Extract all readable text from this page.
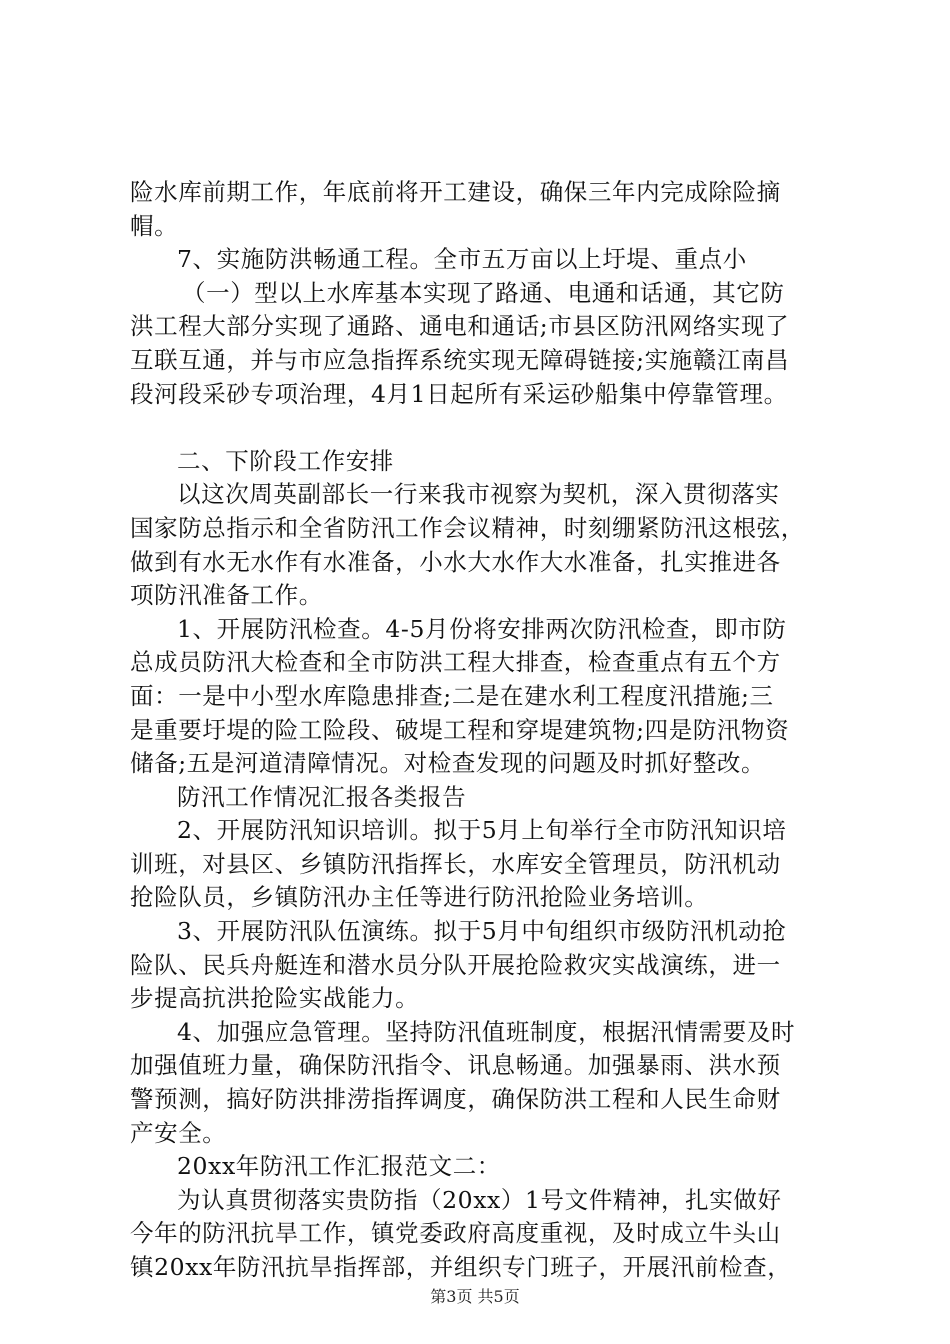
险水库前期工作，年底前将开工建设，确保三年内完成除险摘
帽。
7、实施防洪畅通工程。全市五万亩以上圩堤、重点小
（一）型以上水库基本实现了路通、电通和话通，其它防
洪工程大部分实现了通路、通电和通话;市县区防汛网络实现了
互联互通，并与市应急指挥系统实现无障碍链接;实施赣江南昌
段河段采砂专项治理，4月1日起所有采运砂船集中停靠管理。
二、下阶段工作安排
以这次周英副部长一行来我市视察为契机，深入贯彻落实
国家防总指示和全省防汛工作会议精神，时刻绷紧防汛这根弦，
做到有水无水作有水准备，小水大水作大水准备，扎实推进各
项防汛准备工作。
1、开展防汛检查。4-5月份将安排两次防汛检查，即市防
总成员防汛大检查和全市防洪工程大排查，检查重点有五个方
面：一是中小型水库隐患排查;二是在建水利工程度汛措施;三
是重要圩堤的险工险段、破堤工程和穿堤建筑物;四是防汛物资
储备;五是河道清障情况。对检查发现的问题及时抓好整改。
防汛工作情况汇报各类报告
2、开展防汛知识培训。拟于5月上旬举行全市防汛知识培
训班，对县区、乡镇防汛指挥长，水库安全管理员，防汛机动
抢险队员，乡镇防汛办主任等进行防汛抢险业务培训。
3、开展防汛队伍演练。拟于5月中旬组织市级防汛机动抢
险队、民兵舟艇连和潜水员分队开展抢险救灾实战演练，进一
步提高抗洪抢险实战能力。
4、加强应急管理。坚持防汛值班制度，根据汛情需要及时
加强值班力量，确保防汛指令、讯息畅通。加强暴雨、洪水预
警预测，搞好防洪排涝指挥调度，确保防洪工程和人民生命财
产安全。
20xx年防汛工作汇报范文二：
为认真贯彻落实贵防指（20xx）1号文件精神，扎实做好
今年的防汛抗旱工作，镇党委政府高度重视，及时成立牛头山
镇20xx年防汛抗旱指挥部，并组织专门班子，开展汛前检查，
第3页 共5页
